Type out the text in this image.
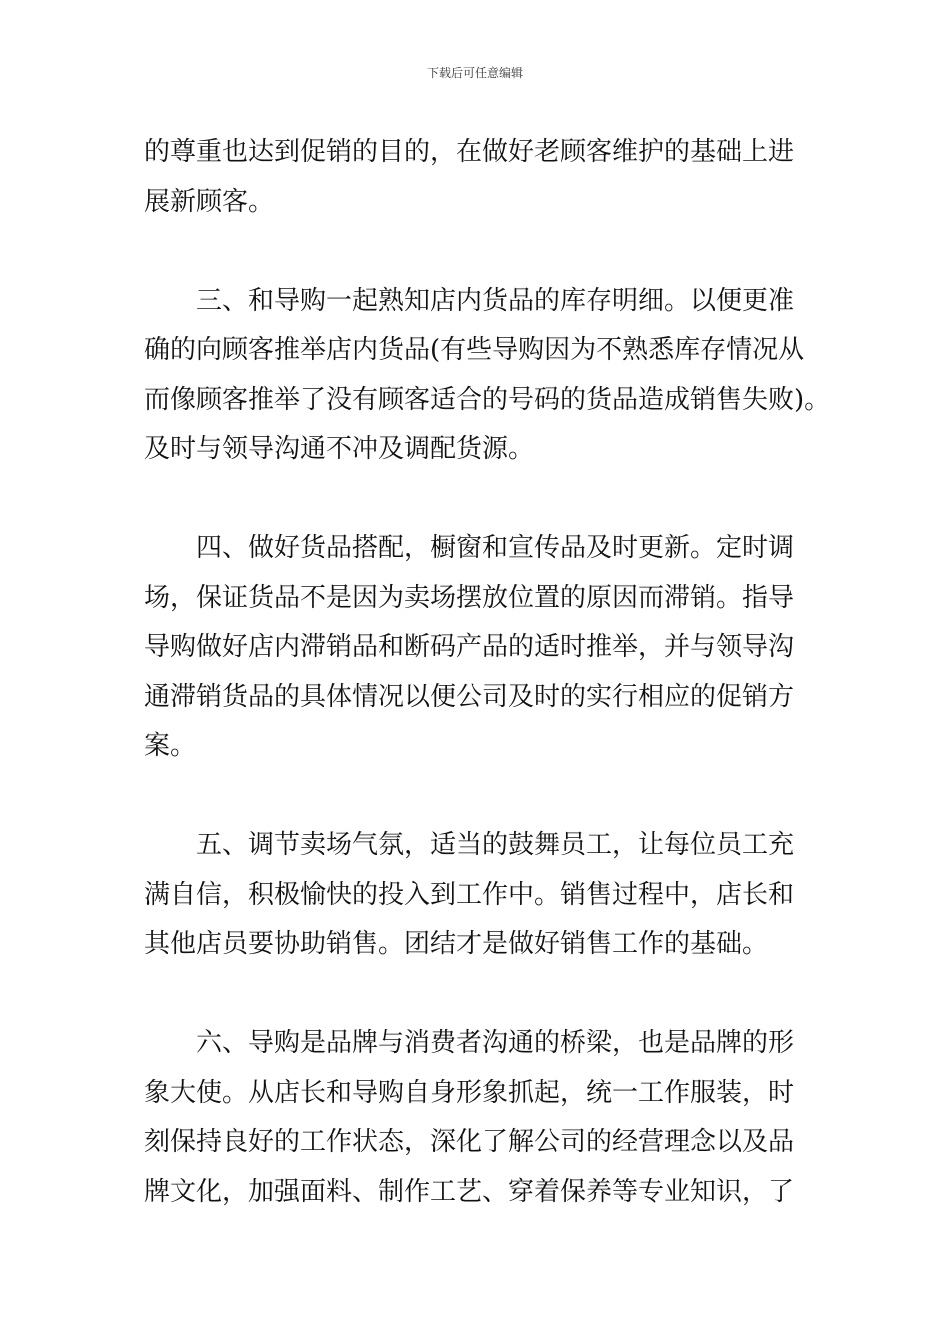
下载后可任意编辑
的尊重也达到促销的目的，在做好老顾客维护的基础上进
展新顾客。
三、和导购一起熟知店内货品的库存明细。以便更准
确的向顾客推举店内货品(有些导购因为不熟悉库存情况从
而像顾客推举了没有顾客适合的号码的货品造成销售失败)。
及时与领导沟通不冲及调配货源。
四、做好货品搭配，橱窗和宣传品及时更新。定时调
场，保证货品不是因为卖场摆放位置的原因而滞销。指导
导购做好店内滞销品和断码产品的适时推举，并与领导沟
通滞销货品的具体情况以便公司及时的实行相应的促销方
案。
五、调节卖场气氛，适当的鼓舞员工，让每位员工充
满自信，积极愉快的投入到工作中。销售过程中，店长和
其他店员要协助销售。团结才是做好销售工作的基础。
六、导购是品牌与消费者沟通的桥梁，也是品牌的形
象大使。从店长和导购自身形象抓起，统一工作服装，时
刻保持良好的工作状态，深化了解公司的经营理念以及品
牌文化，加强面料、制作工艺、穿着保养等专业知识，了
